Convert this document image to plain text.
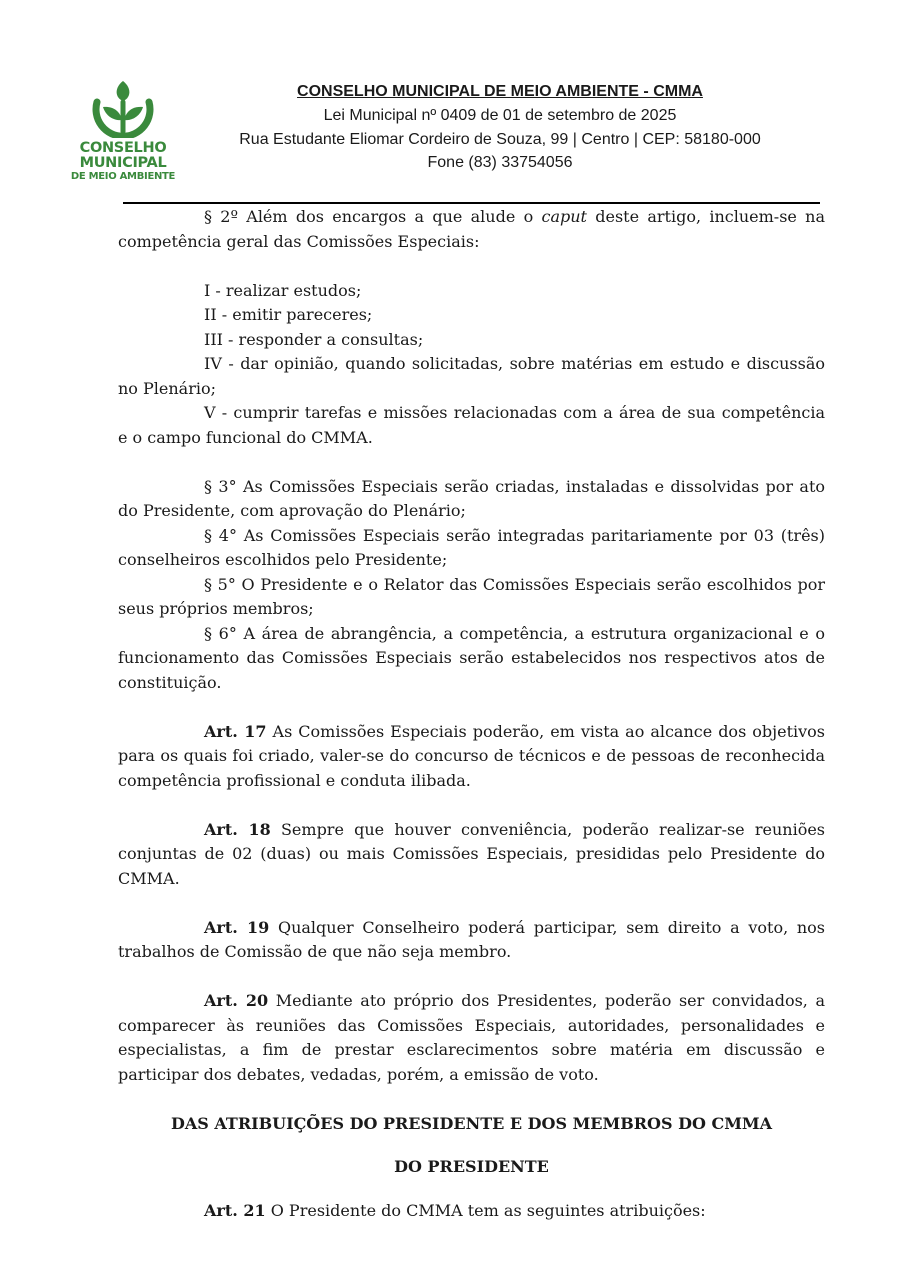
CONSELHO
MUNICIPAL
DE MEIO AMBIENTE
CONSELHO MUNICIPAL DE MEIO AMBIENTE - CMMA
Lei Municipal nº 0409 de 01 de setembro de 2025
Rua Estudante Eliomar Cordeiro de Souza, 99 | Centro | CEP: 58180-000
Fone (83) 33754056

§ 2º Além dos encargos a que alude o caput deste artigo, incluem-se na competência geral das Comissões Especiais:

I - realizar estudos;

II - emitir pareceres;

III - responder a consultas;

IV - dar opinião, quando solicitadas, sobre matérias em estudo e discussão no Plenário;

V - cumprir tarefas e missões relacionadas com a área de sua competência e o campo funcional do CMMA.

§ 3° As Comissões Especiais serão criadas, instaladas e dissolvidas por ato do Presidente, com aprovação do Plenário;

§ 4° As Comissões Especiais serão integradas paritariamente por 03 (três) conselheiros escolhidos pelo Presidente;

§ 5° O Presidente e o Relator das Comissões Especiais serão escolhidos por seus próprios membros;

§ 6° A área de abrangência, a competência, a estrutura organizacional e o funcionamento das Comissões Especiais serão estabelecidos nos respectivos atos de constituição.

Art. 17 As Comissões Especiais poderão, em vista ao alcance dos objetivos para os quais foi criado, valer-se do concurso de técnicos e de pessoas de reconhecida competência profissional e conduta ilibada.

Art. 18 Sempre que houver conveniência, poderão realizar-se reuniões conjuntas de 02 (duas) ou mais Comissões Especiais, presididas pelo Presidente do CMMA.

Art. 19 Qualquer Conselheiro poderá participar, sem direito a voto, nos trabalhos de Comissão de que não seja membro.

Art. 20 Mediante ato próprio dos Presidentes, poderão ser convidados, a comparecer às reuniões das Comissões Especiais, autoridades, personalidades e especialistas, a fim de prestar esclarecimentos sobre matéria em discussão e participar dos debates, vedadas, porém, a emissão de voto.

DAS ATRIBUIÇÕES DO PRESIDENTE E DOS MEMBROS DO CMMA

DO PRESIDENTE

Art. 21 O Presidente do CMMA tem as seguintes atribuições:
